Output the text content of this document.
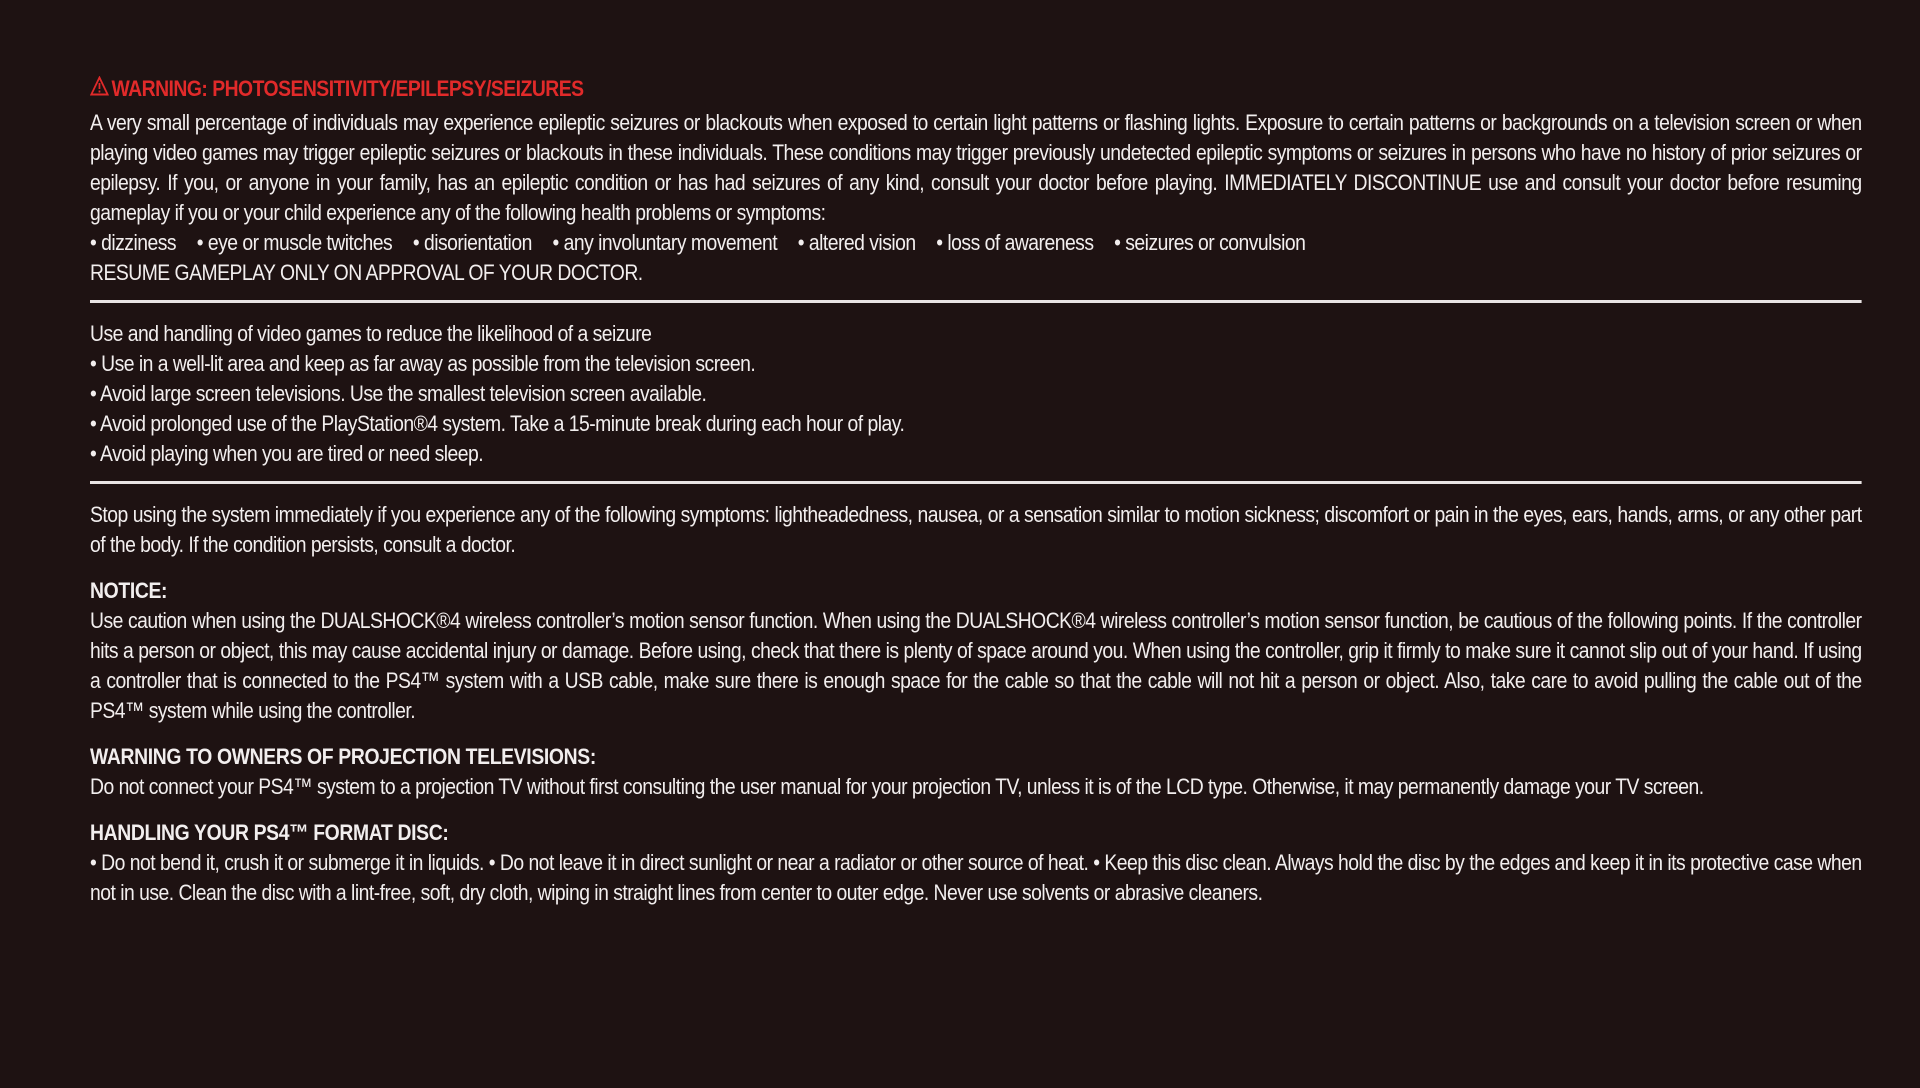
WARNING: PHOTOSENSITIVITY/EPILEPSY/SEIZURES

A very small percentage of individuals may experience epileptic seizures or blackouts when exposed to certain light patterns or flashing lights. Exposure to certain patterns or backgrounds on a television screen or when playing video games may trigger epileptic seizures or blackouts in these individuals. These conditions may trigger previously undetected epileptic symptoms or seizures in persons who have no history of prior seizures or epilepsy. If you, or anyone in your family, has an epileptic condition or has had seizures of any kind, consult your doctor before playing. IMMEDIATELY DISCONTINUE use and consult your doctor before resuming gameplay if you or your child experience any of the following health problems or symptoms:

• dizziness • eye or muscle twitches • disorientation • any involuntary movement • altered vision • loss of awareness • seizures or convulsion

RESUME GAMEPLAY ONLY ON APPROVAL OF YOUR DOCTOR.

Use and handling of video games to reduce the likelihood of a seizure

• Use in a well-lit area and keep as far away as possible from the television screen.
• Avoid large screen televisions. Use the smallest television screen available.
• Avoid prolonged use of the PlayStation®4 system. Take a 15-minute break during each hour of play.
• Avoid playing when you are tired or need sleep.

Stop using the system immediately if you experience any of the following symptoms: lightheadedness, nausea, or a sensation similar to motion sickness; discomfort or pain in the eyes, ears, hands, arms, or any other part of the body. If the condition persists, consult a doctor.

NOTICE:

Use caution when using the DUALSHOCK®4 wireless controller’s motion sensor function. When using the DUALSHOCK®4 wireless controller’s motion sensor function, be cautious of the following points. If the controller hits a person or object, this may cause accidental injury or damage. Before using, check that there is plenty of space around you. When using the controller, grip it firmly to make sure it cannot slip out of your hand. If using a controller that is connected to the PS4™ system with a USB cable, make sure there is enough space for the cable so that the cable will not hit a person or object. Also, take care to avoid pulling the cable out of the PS4™ system while using the controller.

WARNING TO OWNERS OF PROJECTION TELEVISIONS:

Do not connect your PS4™ system to a projection TV without first consulting the user manual for your projection TV, unless it is of the LCD type. Otherwise, it may permanently damage your TV screen.

HANDLING YOUR PS4™ FORMAT DISC:

• Do not bend it, crush it or submerge it in liquids. • Do not leave it in direct sunlight or near a radiator or other source of heat. • Keep this disc clean. Always hold the disc by the edges and keep it in its protective case when not in use. Clean the disc with a lint-free, soft, dry cloth, wiping in straight lines from center to outer edge. Never use solvents or abrasive cleaners.
